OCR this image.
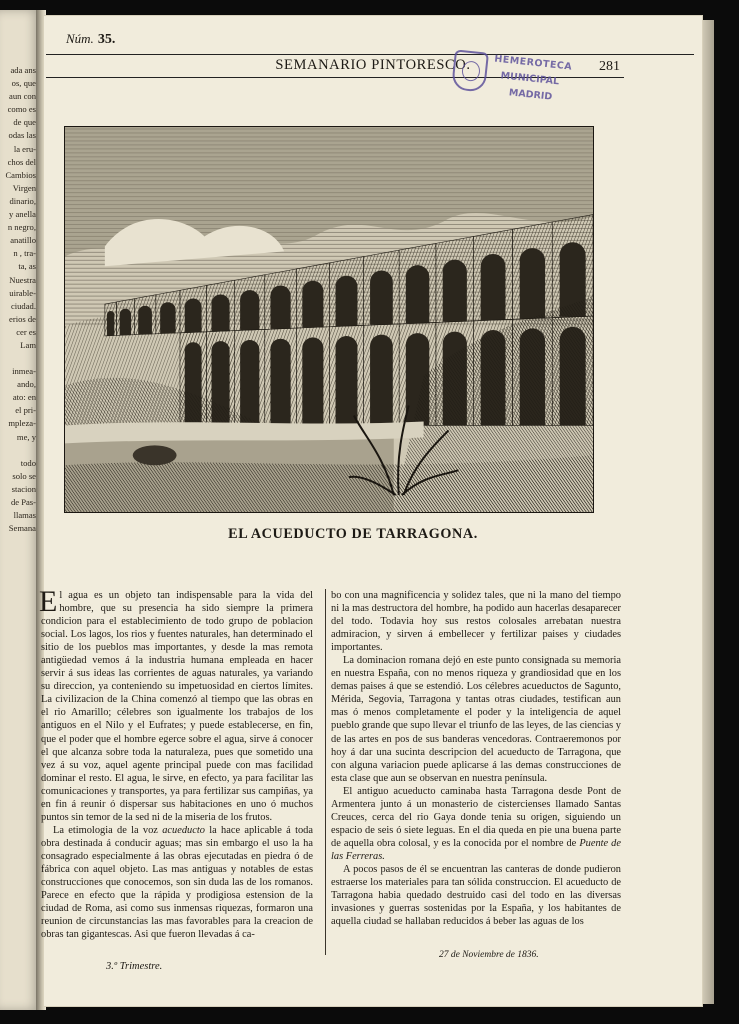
ada ans
os, que
aun con
como es
de que
odas las
la eru-
chos del
Cambios
Virgen
dinario,
y anella
n negro,
anatillo
n , tra-
ta, as
Nuestra
uirable-
ciudad.
erios de
cer es
Lam
inmea-
ando,
ato: en
el pri-
mpleza-
me, y
todo
solo se
stacion
de Pas-
llamas
Semana
Núm. 35.
SEMANARIO PINTORESCO.	281
HEMEROTECA
MUNICIPAL
MADRID
EL ACUEDUCTO DE TARRAGONA.

El agua es un objeto tan indispensable para la vida del hombre, que su presencia ha sido siempre la primera condicion para el establecimiento de todo grupo de poblacion social. Los lagos, los rios y fuentes naturales, han determinado el sitio de los pueblos mas importantes, y desde la mas remota antigüedad vemos á la industria humana empleada en hacer servir á sus ideas las corrientes de aguas naturales, ya variando su direccion, ya conteniendo su impetuosidad en ciertos límites. La civilizacion de la China comenzó al tiempo que las obras en el rio Amarillo; célebres son igualmente los trabajos de los antiguos en el Nilo y el Eufrates; y puede establecerse, en fin, que el poder que el hombre egerce sobre el agua, sirve á conocer el que alcanza sobre toda la naturaleza, pues que sometido una vez á su voz, aquel agente principal puede con mas facilidad dominar el resto. El agua, le sirve, en efecto, ya para facilitar las comunicaciones y transportes, ya para fertilizar sus campiñas, ya en fin á reunir ó dispersar sus habitaciones en uno ó muchos puntos sin temor de la sed ni de la miseria de los frutos.

La etimologia de la voz acueducto la hace aplicable á toda obra destinada á conducir aguas; mas sin embargo el uso la ha consagrado especialmente á las obras ejecutadas en piedra ó de fábrica con aquel objeto. Las mas antiguas y notables de estas construcciones que conocemos, son sin duda las de los romanos. Parece en efecto que la rápida y prodigiosa estension de la ciudad de Roma, asi como sus inmensas riquezas, formaron una reunion de circunstancias las mas favorables para la creacion de obras tan gigantescas. Asi que fueron llevadas á ca-

bo con una magnificencia y solidez tales, que ni la mano del tiempo ni la mas destructora del hombre, ha podido aun hacerlas desaparecer del todo. Todavia hoy sus restos colosales arrebatan nuestra admiracion, y sirven á embellecer y fertilizar paises y ciudades importantes.

La dominacion romana dejó en este punto consignada su memoria en nuestra España, con no menos riqueza y grandiosidad que en los demas paises á que se estendió. Los célebres acueductos de Sagunto, Mérida, Segovia, Tarragona y tantas otras ciudades, testifican aun mas ó menos completamente el poder y la inteligencia de aquel pueblo grande que supo llevar el triunfo de las leyes, de las ciencias y de las artes en pos de sus banderas vencedoras. Contraeremonos por hoy á dar una sucinta descripcion del acueducto de Tarragona, que con alguna variacion puede aplicarse á las demas construcciones de esta clase que aun se observan en nuestra península.

El antiguo acueducto caminaba hasta Tarragona desde Pont de Armentera junto á un monasterio de cistercienses llamado Santas Creuces, cerca del rio Gaya donde tenia su origen, siguiendo un espacio de seis ó siete leguas. En el dia queda en pie una buena parte de aquella obra colosal, y es la conocida por el nombre de Puente de las Ferreras.

A pocos pasos de él se encuentran las canteras de donde pudieron estraerse los materiales para tan sólida construccion. El acueducto de Tarragona habia quedado destruido casi del todo en las diversas invasiones y guerras sostenidas por la España, y los habitantes de aquella ciudad se hallaban reducidos á beber las aguas de los

3.º Trimestre.
27 de Noviembre de 1836.
